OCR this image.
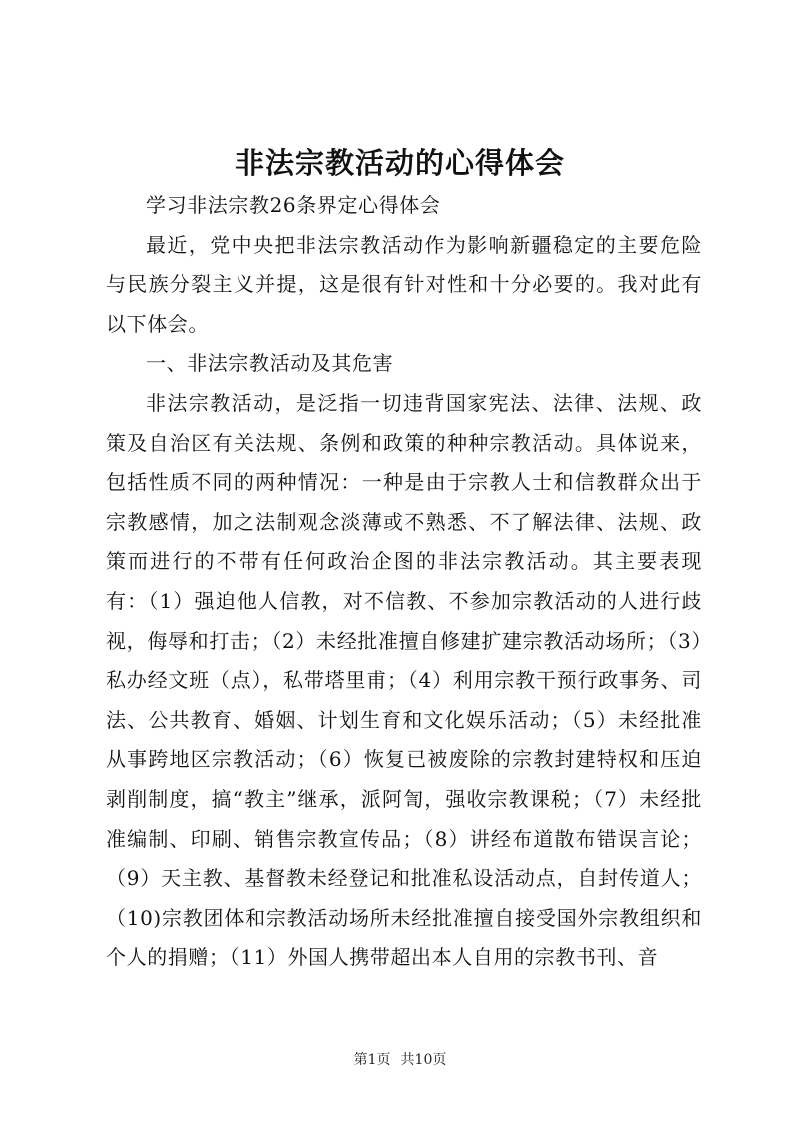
非法宗教活动的心得体会

学习非法宗教26条界定心得体会

最近，党中央把非法宗教活动作为影响新疆稳定的主要危险与民族分裂主义并提，这是很有针对性和十分必要的。我对此有以下体会。

一、非法宗教活动及其危害

非法宗教活动，是泛指一切违背国家宪法、法律、法规、政策及自治区有关法规、条例和政策的种种宗教活动。具体说来，包括性质不同的两种情况：一种是由于宗教人士和信教群众出于宗教感情，加之法制观念淡薄或不熟悉、不了解法律、法规、政策而进行的不带有任何政治企图的非法宗教活动。其主要表现有：（1）强迫他人信教，对不信教、不参加宗教活动的人进行歧视，侮辱和打击；（2）未经批准擅自修建扩建宗教活动场所；（3）私办经文班（点），私带塔里甫；（4）利用宗教干预行政事务、司法、公共教育、婚姻、计划生育和文化娱乐活动；（5）未经批准从事跨地区宗教活动；（6）恢复已被废除的宗教封建特权和压迫剥削制度，搞“教主”继承，派阿訇，强收宗教课税；（7）未经批准编制、印刷、销售宗教宣传品；（8）讲经布道散布错误言论；（9）天主教、基督教未经登记和批准私设活动点，自封传道人；（10)宗教团体和宗教活动场所未经批准擅自接受国外宗教组织和个人的捐赠；（11）外国人携带超出本人自用的宗教书刊、音

第1页 共10页
